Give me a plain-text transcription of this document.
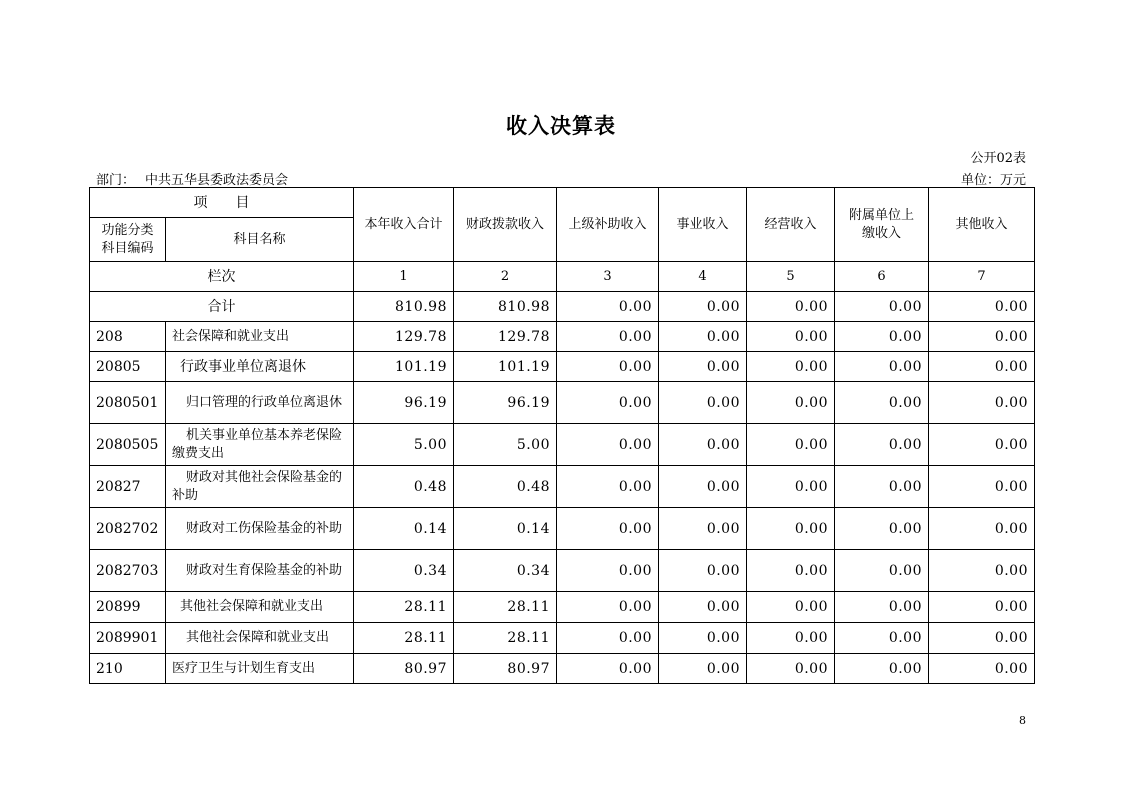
收入决算表
公开02表
部门： 中共五华县委政法委员会	单位：万元
项　　目		本年收入合计	财政拨款收入	上级补助收入	事业收入	经营收入	附属单位上缴收入	其他收入
功能分类科目编码	科目名称							
栏次		1	2	3	4	5	6	7
合计		810.98	810.98	0.00	0.00	0.00	0.00	0.00
208	社会保障和就业支出	129.78	129.78	0.00	0.00	0.00	0.00	0.00
20805	行政事业单位离退休	101.19	101.19	0.00	0.00	0.00	0.00	0.00
2080501	归口管理的行政单位离退休	96.19	96.19	0.00	0.00	0.00	0.00	0.00
2080505	机关事业单位基本养老保险缴费支出	5.00	5.00	0.00	0.00	0.00	0.00	0.00
20827	财政对其他社会保险基金的补助	0.48	0.48	0.00	0.00	0.00	0.00	0.00
2082702	财政对工伤保险基金的补助	0.14	0.14	0.00	0.00	0.00	0.00	0.00
2082703	财政对生育保险基金的补助	0.34	0.34	0.00	0.00	0.00	0.00	0.00
20899	其他社会保障和就业支出	28.11	28.11	0.00	0.00	0.00	0.00	0.00
2089901	其他社会保障和就业支出	28.11	28.11	0.00	0.00	0.00	0.00	0.00
210	医疗卫生与计划生育支出	80.97	80.97	0.00	0.00	0.00	0.00	0.00
8
